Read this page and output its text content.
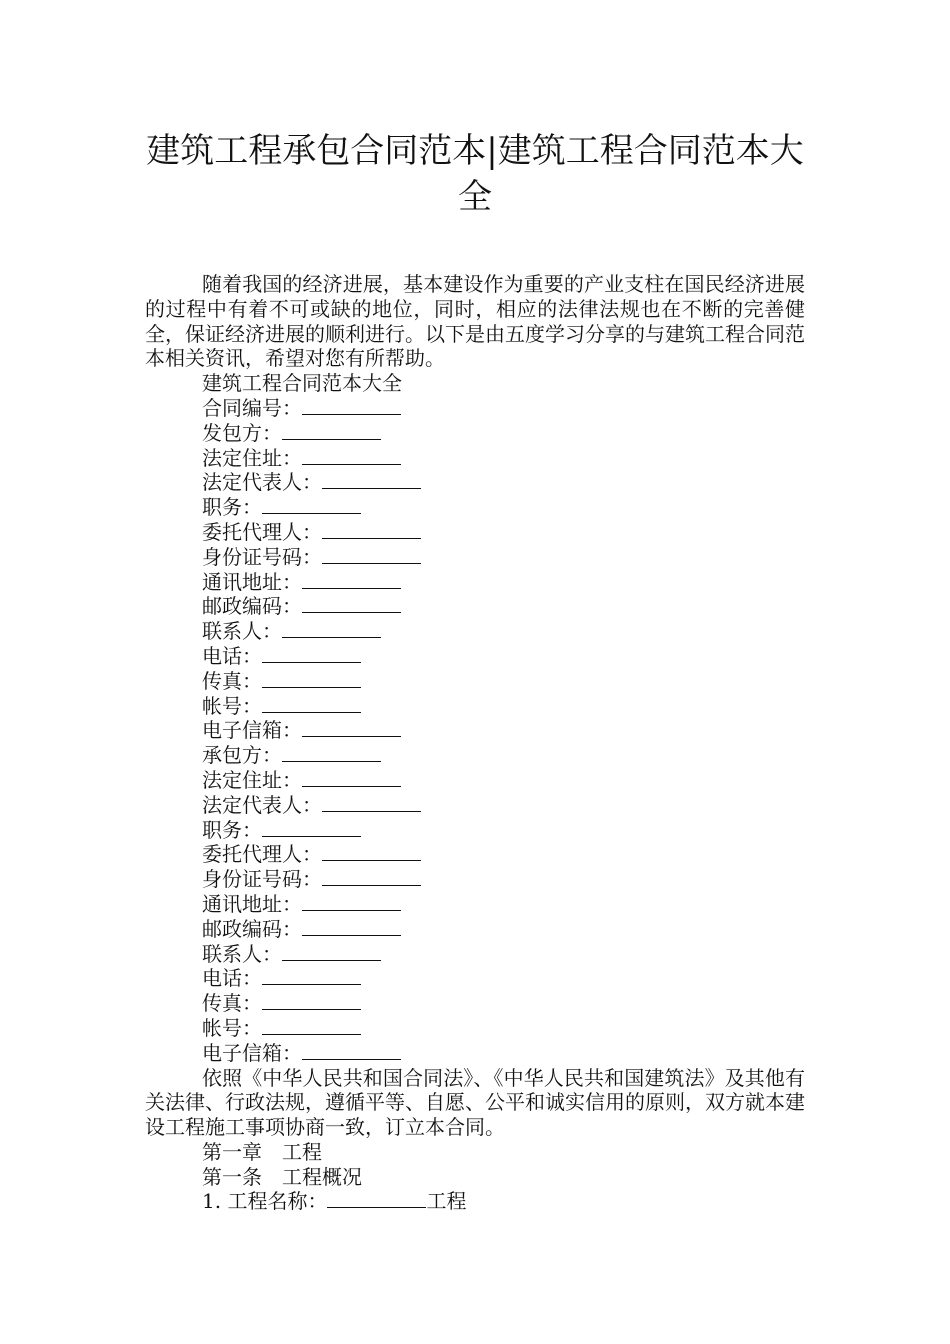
建筑工程承包合同范本|建筑工程合同范本大全

随着我国的经济进展，基本建设作为重要的产业支柱在国民经济进展的过程中有着不可或缺的地位，同时，相应的法律法规也在不断的完善健全，保证经济进展的顺利进行。以下是由五度学习分享的与建筑工程合同范本相关资讯，希望对您有所帮助。

建筑工程合同范本大全

合同编号：

发包方：

法定住址：

法定代表人：

职务：

委托代理人：

身份证号码：

通讯地址：

邮政编码：

联系人：

电话：

传真：

帐号：

电子信箱：

承包方：

法定住址：

法定代表人：

职务：

委托代理人：

身份证号码：

通讯地址：

邮政编码：

联系人：

电话：

传真：

帐号：

电子信箱：

依照《中华人民共和国合同法》、《中华人民共和国建筑法》及其他有关法律、行政法规，遵循平等、自愿、公平和诚实信用的原则，双方就本建设工程施工事项协商一致，订立本合同。

第一章　工程

第一条　工程概况

1. 工程名称：	工程
